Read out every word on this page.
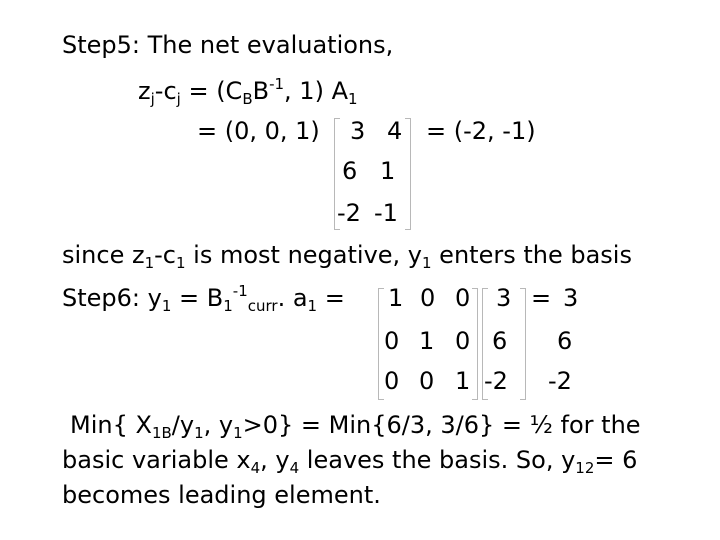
Step5: The net evaluations,
$z_j-c_j = (C_BB^{-1}$, 1) $A_1$
= (0, 0, 1) 3 4
6 1
-2 -1
= (-2, -1)
since $z_1-c_1$ is most negative, $y_1$ enters the basis
Step6: $y_1 = B_1^{-1}_{curr}$. $a_1 = 1$ 0 0
0 1 0
0 0 1
3
6
-2
= 3
6
-2
Min{ $X_{1B}/y_1$, $y_1>0\} = Min\{6/3$, 3/6} = ½ for the
basic variable $x_4$, $y_4$ leaves the basis. So, $y_{12}= 6$
becomes leading element.
